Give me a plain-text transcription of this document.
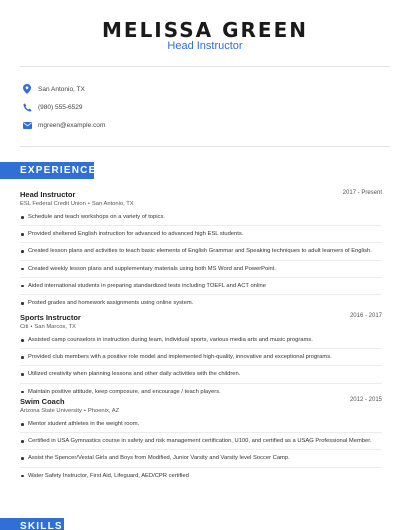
MELISSA GREEN
Head Instructor
San Antonio, TX
(980) 555-6529
mgreen@example.com
EXPERIENCE
Head Instructor	2017 - Present
ESL Federal Credit Union • San Antonio, TX
Schedule and teach workshops on a variety of topics.
Provided sheltered English instruction for advanced to advanced high ESL students.
Created lesson plans and activities to teach basic elements of English Grammar and Speaking techniques to adult learners of English.
Created weekly lesson plans and supplementary materials using both MS Word and PowerPoint.
Aided international students in preparing standardized tests including TOEFL and ACT online
Posted grades and homework assignments using online system.
Sports Instructor	2016 - 2017
Citi • San Marcos, TX
Assisted camp counselors in instruction during team, individual sports, various media arts and music programs.
Provided club members with a positive role model and implemented high-quality, innovative and exceptional programs.
Utilized creativity when planning lessons and other daily activities with the children.
Maintain positive attitude, keep composure, and encourage / teach players.
Swim Coach	2012 - 2015
Arizona State University • Phoenix, AZ
Mentor student athletes in the weight room.
Certified in USA Gymnastics course in safety and risk management certification, U100, and certified as a USAG Professional Member.
Assist the Spencer/Vestal Girls and Boys from Modified, Junior Varsity and Varsity level Soccer Camp.
Water Safety Instructor, First Aid, Lifeguard, AED/CPR certified
SKILLS
